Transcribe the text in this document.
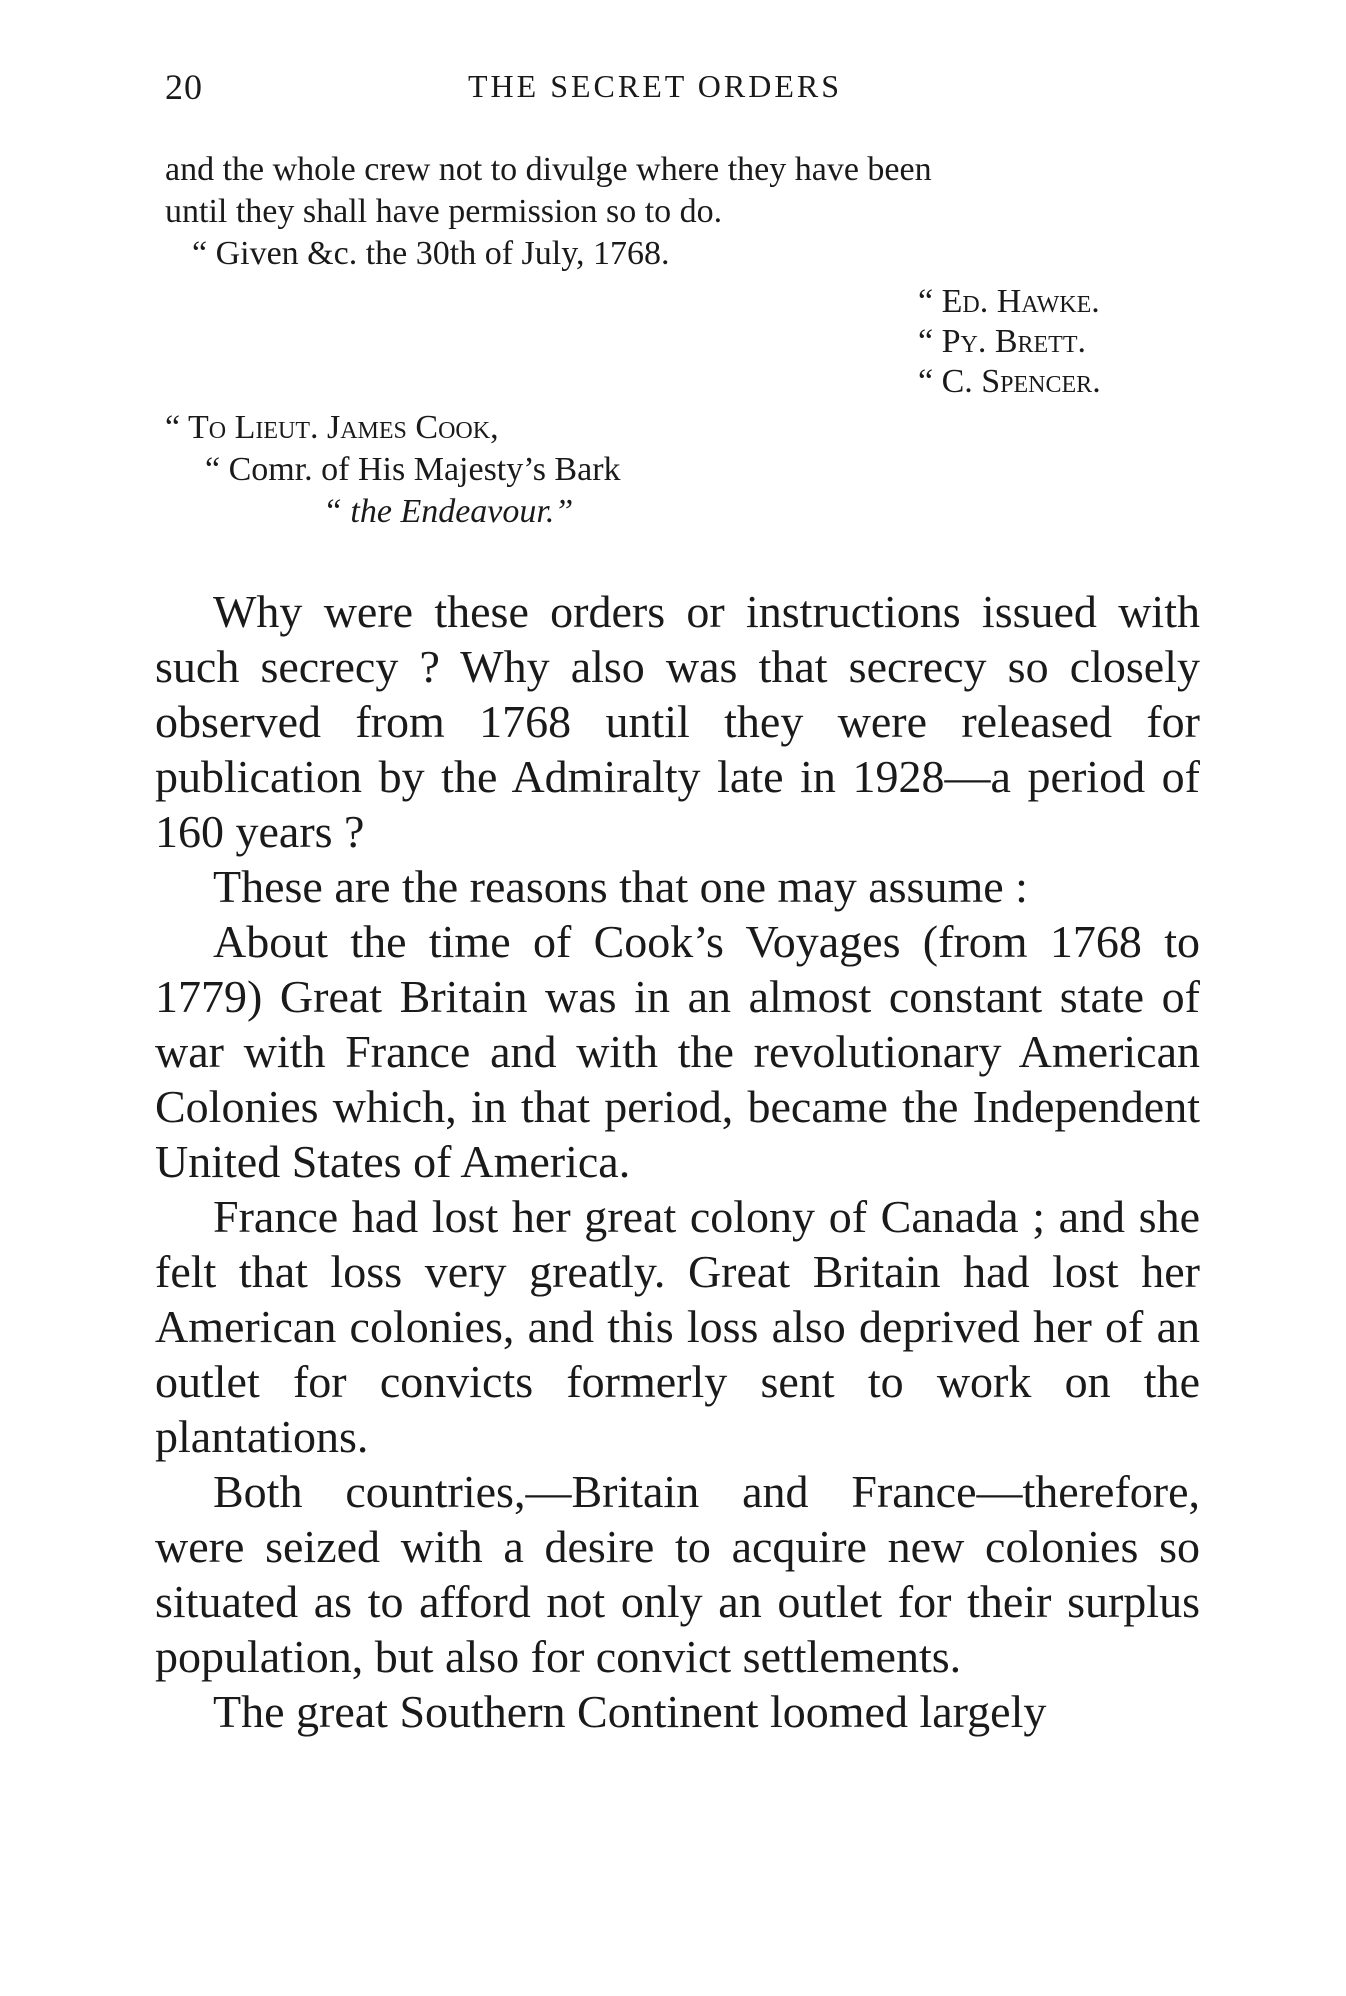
20	THE SECRET ORDERS
and the whole crew not to divulge where they have been
until they shall have permission so to do.
“ Given &c. the 30th of July, 1768.
“ Ed. Hawke.
“ Py. Brett.
“ C. Spencer.
“ To Lieut. James Cook,
“ Comr. of His Majesty’s Bark
“ the Endeavour.”

Why were these orders or instructions issued with such secrecy ? Why also was that secrecy so closely observed from 1768 until they were released for publication by the Admiralty late in 1928—a period of 160 years ?

These are the reasons that one may assume :

About the time of Cook’s Voyages (from 1768 to 1779) Great Britain was in an almost constant state of war with France and with the revolutionary American Colonies which, in that period, became the Independent United States of America.

France had lost her great colony of Canada ; and she felt that loss very greatly. Great Britain had lost her American colonies, and this loss also deprived her of an outlet for convicts formerly sent to work on the plantations.

Both countries,—Britain and France—therefore, were seized with a desire to acquire new colonies so situated as to afford not only an outlet for their surplus population, but also for convict settlements.

The great Southern Continent loomed largely
